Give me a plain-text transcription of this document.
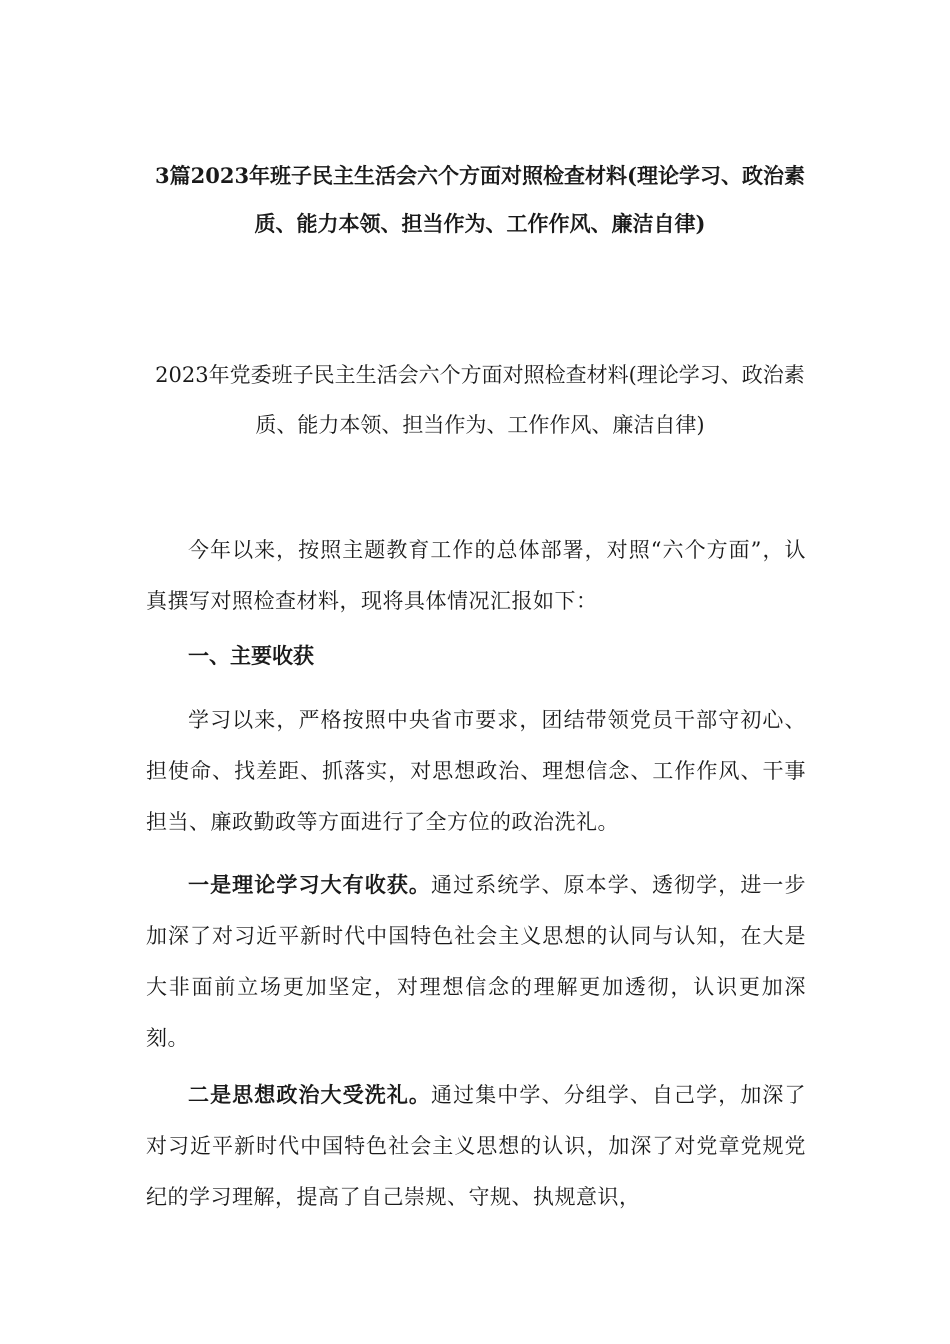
3篇2023年班子民主生活会六个方面对照检查材料(理论学习、政治素质、能力本领、担当作为、工作作风、廉洁自律)
2023年党委班子民主生活会六个方面对照检查材料(理论学习、政治素质、能力本领、担当作为、工作作风、廉洁自律)

今年以来，按照主题教育工作的总体部署，对照“六个方面”，认真撰写对照检查材料，现将具体情况汇报如下：

一、主要收获

学习以来，严格按照中央省市要求，团结带领党员干部守初心、担使命、找差距、抓落实，对思想政治、理想信念、工作作风、干事担当、廉政勤政等方面进行了全方位的政治洗礼。

一是理论学习大有收获。通过系统学、原本学、透彻学，进一步加深了对习近平新时代中国特色社会主义思想的认同与认知，在大是大非面前立场更加坚定，对理想信念的理解更加透彻，认识更加深刻。

二是思想政治大受洗礼。通过集中学、分组学、自己学，加深了对习近平新时代中国特色社会主义思想的认识，加深了对党章党规党纪的学习理解，提高了自己崇规、守规、执规意识，
